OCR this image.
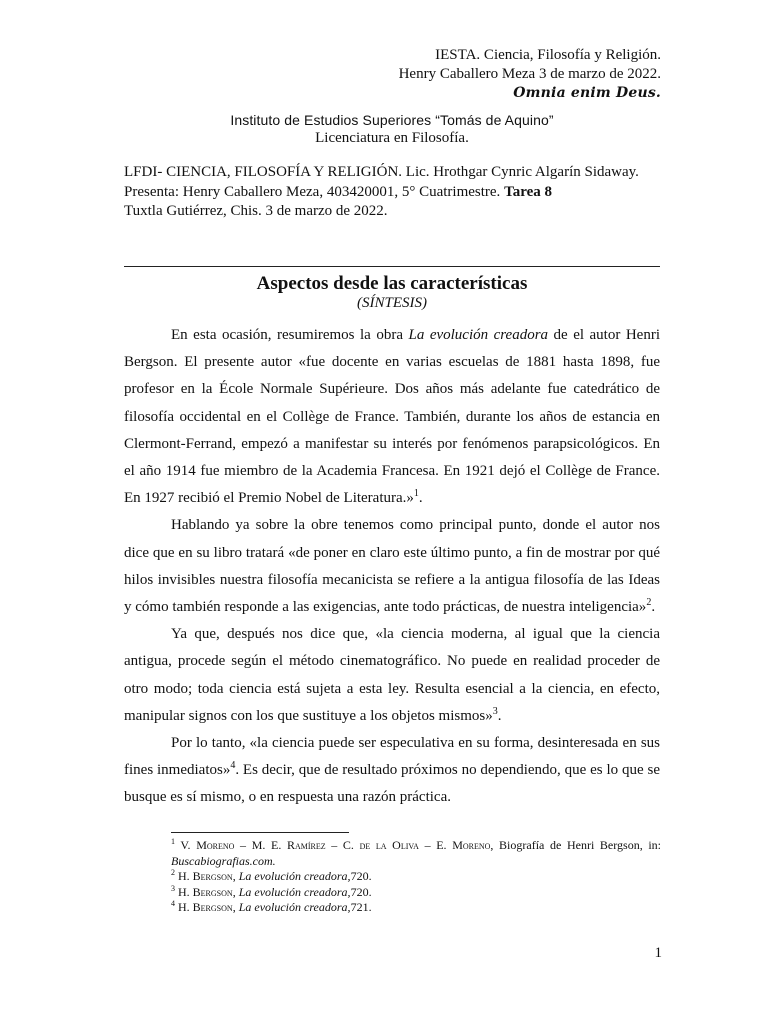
IESTA. Ciencia, Filosofía y Religión.
Henry Caballero Meza 3 de marzo de 2022.
Omnia enim Deus.
Instituto de Estudios Superiores “Tomás de Aquino”
Licenciatura en Filosofía.
LFDI- CIENCIA, FILOSOFÍA Y RELIGIÓN. Lic. Hrothgar Cynric Algarín Sidaway.
Presenta: Henry Caballero Meza, 403420001, 5° Cuatrimestre. Tarea 8
Tuxtla Gutiérrez, Chis. 3 de marzo de 2022.
Aspectos desde las características
(SÍNTESIS)

En esta ocasión, resumiremos la obra La evolución creadora de el autor Henri Bergson. El presente autor «fue docente en varias escuelas de 1881 hasta 1898, fue profesor en la École Normale Supérieure. Dos años más adelante fue catedrático de filosofía occidental en el Collège de France. También, durante los años de estancia en Clermont-Ferrand, empezó a manifestar su interés por fenómenos parapsicológicos. En el año 1914 fue miembro de la Academia Francesa. En 1921 dejó el Collège de France. En 1927 recibió el Premio Nobel de Literatura.»$^1$.

Hablando ya sobre la obre tenemos como principal punto, donde el autor nos dice que en su libro tratará «de poner en claro este último punto, a fin de mostrar por qué hilos invisibles nuestra filosofía mecanicista se refiere a la antigua filosofía de las Ideas y cómo también responde a las exigencias, ante todo prácticas, de nuestra inteligencia»$^2$.

Ya que, después nos dice que, «la ciencia moderna, al igual que la ciencia antigua, procede según el método cinematográfico. No puede en realidad proceder de otro modo; toda ciencia está sujeta a esta ley. Resulta esencial a la ciencia, en efecto, manipular signos con los que sustituye a los objetos mismos»$^3$.

Por lo tanto, «la ciencia puede ser especulativa en su forma, desinteresada en sus fines inmediatos»$^4$. Es decir, que de resultado próximos no dependiendo, que es lo que se busque es sí mismo, o en respuesta una razón práctica.

$^1$ V. Moreno – M. E. Ramírez – C. de la Oliva – E. Moreno, Biografía de Henri Bergson, in: Buscabiografias.com.

$^2$ H. Bergson, La evolución creadora,720.

$^3$ H. Bergson, La evolución creadora,720.

$^4$ H. Bergson, La evolución creadora,721.

1
